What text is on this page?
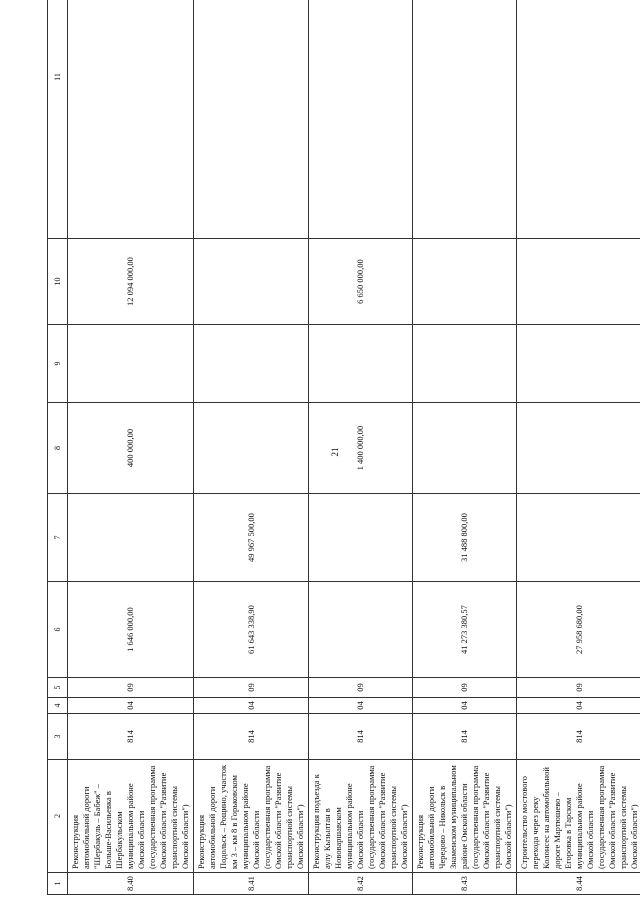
21
1	2	3	4	5	6	7	8	9	10	11
8.40	Реконструкция автомобильной дороги "Шербакуль – Бабеж" – Больше-Васильевка в Шербакульском муниципальном районе Омской области (государственная программа Омской области "Развитие транспортной системы Омской области")	814	04	09	1 646 000,00		400 000,00		12 094 000,00	
8.41	Реконструкция автомобильной дороги Подольск – Рощино, участок км 3 – км 8 в Горьковском муниципальном районе Омской области (государственная программа Омской области "Развитие транспортной системы Омской области")	814	04	09	61 643 338,90	49 967 500,00				
8.42	Реконструкция подъезда к аулу Кызылтан в Нововаршавском муниципальном районе Омской области (государственная программа Омской области "Развитие транспортной системы Омской области")	814	04	09			1 400 000,00		6 650 000,00	
8.43	Реконструкция автомобильной дороги Чередово – Никольск в Знаменском муниципальном районе Омской области (государственная программа Омской области "Развитие транспортной системы Омской области")	814	04	09	41 273 380,57	31 488 800,00				
8.44	Строительство мостового перехода через реку Колонсес на автомобильной дороге Мартюшево – Егоровка в Тарском муниципальном районе Омской области (государственная программа Омской области "Развитие транспортной системы Омской области")	814	04	09	27 958 680,00					
